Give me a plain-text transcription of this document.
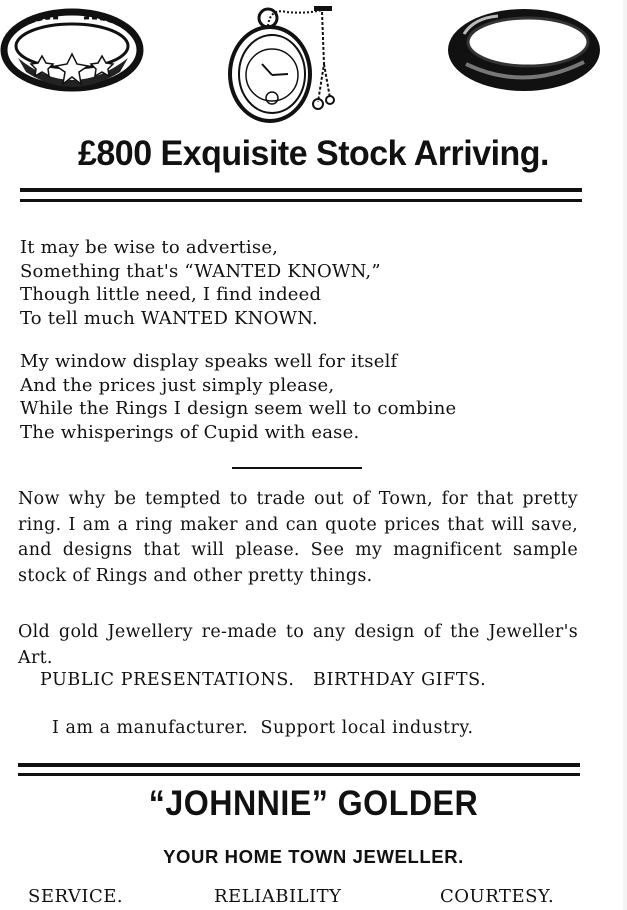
£800 Exquisite Stock Arriving.
It may be wise to advertise,
Something that's “WANTED KNOWN,”
Though little need, I find indeed
To tell much WANTED KNOWN.
My window display speaks well for itself
And the prices just simply please,
While the Rings I design seem well to combine
The whisperings of Cupid with ease.
Now why be tempted to trade out of Town, for that pretty ring. I am a ring maker and can quote prices that will save, and designs that will please. See my magnificent sample stock of Rings and other pretty things.
Old gold Jewellery re-made to any design of the Jeweller's Art.
PUBLIC PRESENTATIONS.   BIRTHDAY GIFTS.
I am a manufacturer.  Support local industry.
“JOHNNIE” GOLDER
YOUR HOME TOWN JEWELLER.
SERVICE.	RELIABILITY	COURTESY.
